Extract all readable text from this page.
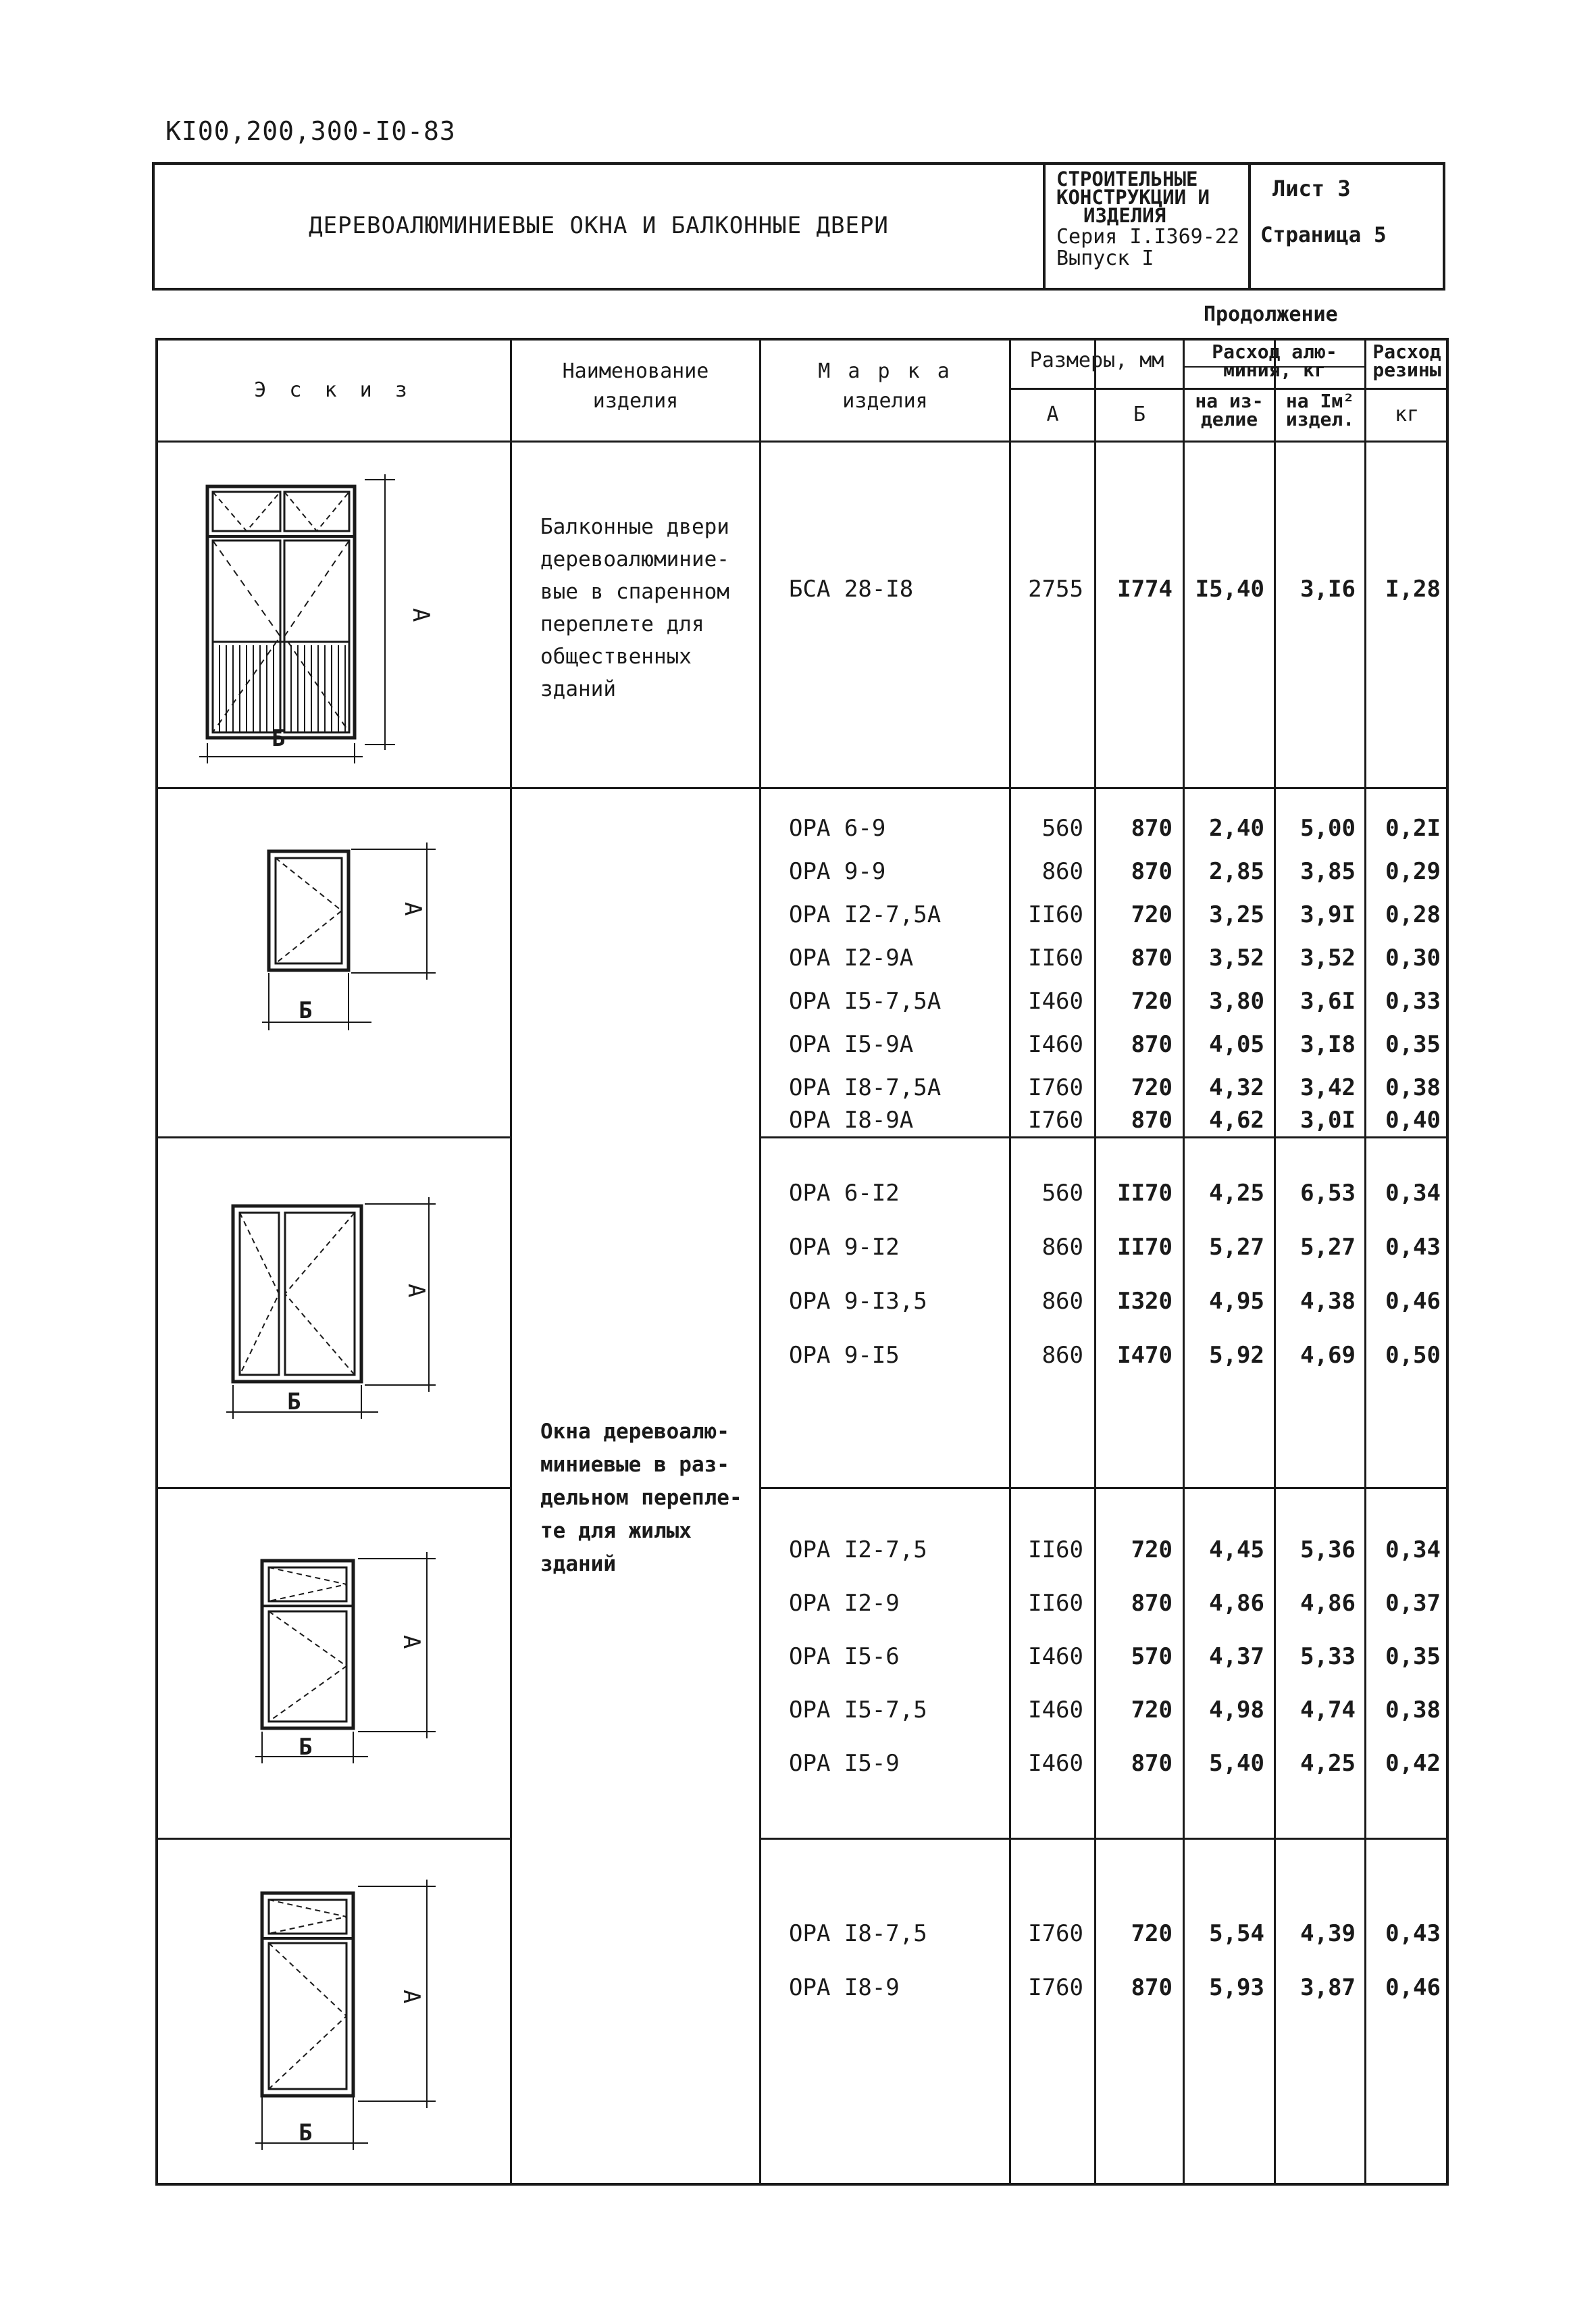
КI00,200,300-I0-83
ДЕРЕВОАЛЮМИНИЕВЫЕ ОКНА И БАЛКОННЫЕ ДВЕРИ
СТРОИТЕЛЬНЫЕ
КОНСТРУКЦИИ И
ИЗДЕЛИЯ
Серия I.I369-22
Выпуск I
Лист 3
Страница 5
Продолжение
Э с к и з
Наименование
изделия
М а р к а
изделия
Размеры, мм
А	Б
Расход алю-
миния, кг
на из-
делие
на Iм²
издел.
Расход
резины
кг
Балконные двери
деревоалюминие-
вые в спаренном
переплете для
общественных
зданий
Окна деревоалю-
миниевые в раз-
дельном перепле-
те для жилых
зданий
БСА 28-I8	2755	I774 I5,40	3,I6	I,28
ОРА 6-9	560	870	2,40	5,00	0,2I
ОРА 9-9	860	870	2,85	3,85	0,29
ОРА I2-7,5А	II60	720	3,25	3,9I	0,28
ОРА I2-9А	II60	870	3,52	3,52	0,30
ОРА I5-7,5А	I460	720	3,80	3,6I	0,33
ОРА I5-9А	I460	870	4,05	3,I8	0,35
ОРА I8-7,5А	I760	720	4,32	3,42	0,38
ОРА I8-9А	I760	870	4,62	3,0I	0,40
ОРА 6-I2	560	II70	4,25	6,53	0,34
ОРА 9-I2	860	II70	5,27	5,27	0,43
ОРА 9-I3,5	860	I320	4,95	4,38	0,46
ОРА 9-I5	860	I470	5,92	4,69	0,50
ОРА I2-7,5	II60	720	4,45	5,36	0,34
ОРА I2-9	II60	870	4,86	4,86	0,37
ОРА I5-6	I460	570	4,37	5,33	0,35
ОРА I5-7,5	I460	720	4,98	4,74	0,38
ОРА I5-9	I460	870	5,40	4,25	0,42
ОРА I8-7,5	I760	720	5,54	4,39	0,43
ОРА I8-9	I760	870	5,93	3,87	0,46
А
Б
А
Б
А
Б
А
Б
А
Б
